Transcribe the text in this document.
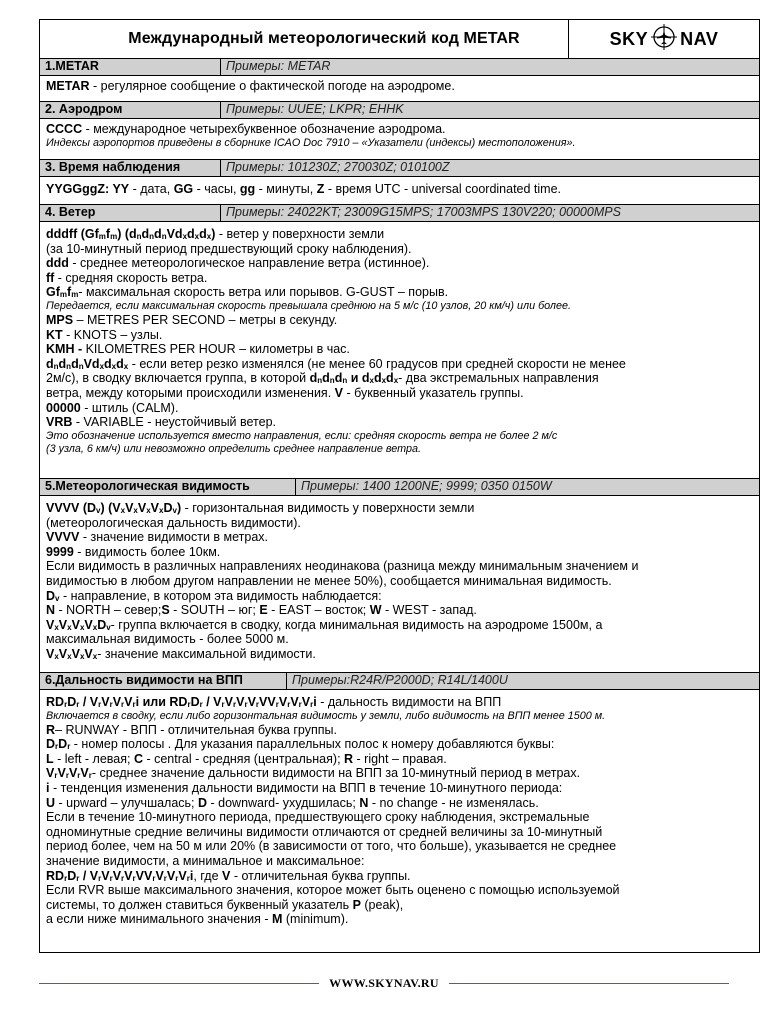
Международный метеорологический код METAR	SKY NAV
1.METAR	Примеры: METAR

METAR - регулярное сообщение о фактической погоде на аэродроме.

2. Аэродром	Примеры: UUEE; LKPR; EHHK

CCCC - международное четырехбуквенное обозначение аэродрома.

Индексы аэропортов приведены в сборнике ICAO Doc 7910 – «Указатели (индексы) местоположения».

3. Время наблюдения	Примеры: 101230Z; 270030Z; 010100Z

YYGGggZ: YY - дата, GG - часы, gg - минуты, Z - время UTC - universal coordinated time.

4. Ветер	Примеры: 24022KT; 23009G15MPS; 17003MPS 130V220; 00000MPS

dddff $(Gf_mf_m)$ $(d_nd_nd_nVd_xd_xd_x)$ - ветер у поверхности земли

(за 10-минутный период предшествующий сроку наблюдения).

ddd - среднее метеорологическое направление ветра (истинное).

ff - средняя скорость ветра.

$Gf_mf_m-$ максимальная скорость ветра или порывов. G-GUST – порыв.

Передается, если максимальная скорость превышала среднюю на 5 м/с (10 узлов, 20 км/ч) или более.

MPS – METRES PER SECOND – метры в секунду.

KT - KNOTS – узлы.

KMH - KILOMETRES PER HOUR – километры в час.

$d_nd_nd_nVd_xd_xd_x$ - если ветер резко изменялся (не менее 60 градусов при средней скорости не менее

2м/с), в сводку включается группа, в которой $d_nd_nd_n$ и $d_xd_xd_x-$ два экстремальных направления

ветра, между которыми происходили изменения. V - буквенный указатель группы.

00000 - штиль (CALM).

VRB - VARIABLE - неустойчивый ветер.

Это обозначение используется вместо направления, если: средняя скорость ветра не более 2 м/с

(3 узла, 6 км/ч) или невозможно определить среднее направление ветра.

5.Метеорологическая видимость	Примеры: 1400 1200NE; 9999; 0350 0150W

VVVV $(D_v)$ $(V_xV_xV_xV_xD_v)$ - горизонтальная видимость у поверхности земли

(метеорологическая дальность видимости).

VVVV - значение видимости в метрах.

9999 - видимость более 10км.

Если видимость в различных направлениях неодинакова (разница между минимальным значением и

видимостью в любом другом направлении не менее 50%), сообщается минимальная видимость.

$D_v$ - направление, в котором эта видимость наблюдается:

N - NORTH – север;S - SOUTH – юг; E - EAST – восток; W - WEST - запад.

$V_xV_xV_xV_xD_v-$ группа включается в сводку, когда минимальная видимость на аэродроме 1500м, а

максимальная видимость - более 5000 м.

$V_xV_xV_xV_x-$ значение максимальной видимости.

6.Дальность видимости на ВПП	Примеры:R24R/P2000D; R14L/1400U

$RD_rD_r / V_rV_rV_rV_ri$ или $RD_rD_r / V_rV_rV_rV_rVV_rV_rV_rV_ri$ - дальность видимости на ВПП

Включается в сводку, если либо горизонтальная видимость у земли, либо видимость на ВПП менее 1500 м.

R– RUNWAY - ВПП - отличительная буква группы.

$D_rD_r$ - номер полосы . Для указания параллельных полос к номеру добавляются буквы:

L - left - левая; C - central - средняя (центральная); R - right – правая.

$V_rV_rV_rV_r-$ среднее значение дальности видимости на ВПП за 10-минутный период в метрах.

i - тенденция изменения дальности видимости на ВПП в течение 10-минутного периода:

U - upward – улучшалась; D - downward- ухудшилась; N - no change - не изменялась.

Если в течение 10-минутного периода, предшествующего сроку наблюдения, экстремальные

одноминутные средние величины видимости отличаются от средней величины за 10-минутный

период более, чем на 50 м или 20% (в зависимости от того, что больше), указывается не среднее

значение видимости, а минимальное и максимальное:

$RD_rD_r / V_rV_rV_rV_rVV_rV_rV_rV_ri$, где V - отличительная буква группы.

Если RVR выше максимального значения, которое может быть оценено с помощью используемой

системы, то должен ставиться буквенный указатель P (peak),

а если ниже минимального значения - M (minimum).

WWW.SKYNAV.RU
